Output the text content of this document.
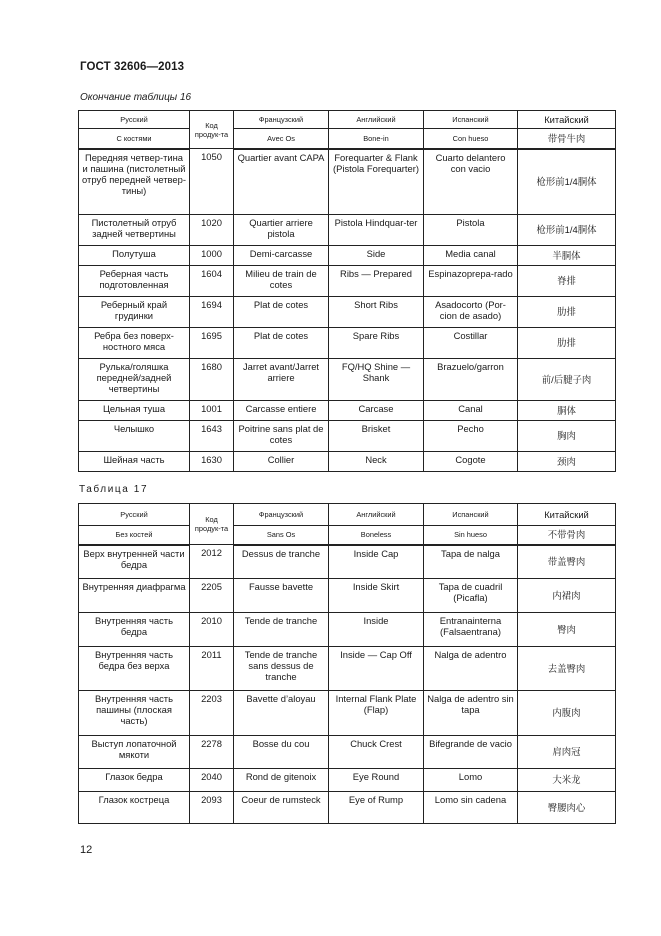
ГОСТ 32606—2013
Окончание таблицы 16
Русский	Код продук-та	Французский	Английский	Испанский	Китайский
С костями		Avec Os	Bone-in	Con hueso	带骨牛肉
Передняя четвер-тина и пашина (пистолетный отруб передней четвер-тины)	1050	Quartier avant CAPA	Forequarter & Flank (Pistola Forequarter)	Cuarto delantero con vacio	枪形前1/4胴体
Пистолетный отруб задней четвертины	1020	Quartier arriere pistola	Pistola Hindquar-ter	Pistola	枪形前1/4胴体
Полутуша	1000	Demi-carcasse	Side	Media canal	半胴体
Реберная часть подготовленная	1604	Milieu de train de cotes	Ribs — Prepared	Espinazoprepa-rado	脊排
Реберный край грудинки	1694	Plat de cotes	Short Ribs	Asadocorto (Por-cion de asado)	肋排
Ребра без поверх-ностного мяса	1695	Plat de cotes	Spare Ribs	Costillar	肋排
Рулька/голяшка передней/задней четвертины	1680	Jarret avant/Jarret arriere	FQ/HQ Shine — Shank	Brazuelo/garron	前/后腱子肉
Цельная туша	1001	Carcasse entiere	Carcase	Canal	胴体
Челышко	1643	Poitrine sans plat de cotes	Brisket	Pecho	胸肉
Шейная часть	1630	Collier	Neck	Cogote	颈肉
Таблица 17
Русский	Код продук-та	Французский	Английский	Испанский	Китайский
Без костей		Sans Os	Boneless	Sin hueso	不带骨肉
Верх внутренней части бедра	2012	Dessus de tranche	Inside Cap	Tapa de nalga	带盖臀肉
Внутренняя диафрагма	2205	Fausse bavette	Inside Skirt	Tapa de cuadril (Picafla)	内裙肉
Внутренняя часть бедра	2010	Tende de tranche	Inside	Entranainterna (Falsaentrana)	臀肉
Внутренняя часть бедра без верха	2011	Tende de tranche sans dessus de tranche	Inside — Cap Off	Nalga de adentro	去盖臀肉
Внутренняя часть пашины (плоская часть)	2203	Bavette d’aloyau	Internal Flank Plate (Flap)	Nalga de adentro sin tapa	内腹肉
Выступ лопаточной мякоти	2278	Bosse du cou	Chuck Crest	Bifegrande de vacio	肩肉冠
Глазок бедра	2040	Rond de gitenoix	Eye Round	Lomo	大米龙
Глазок костреца	2093	Coeur de rumsteck	Eye of Rump	Lomo sin cadena	臀腰肉心
12
